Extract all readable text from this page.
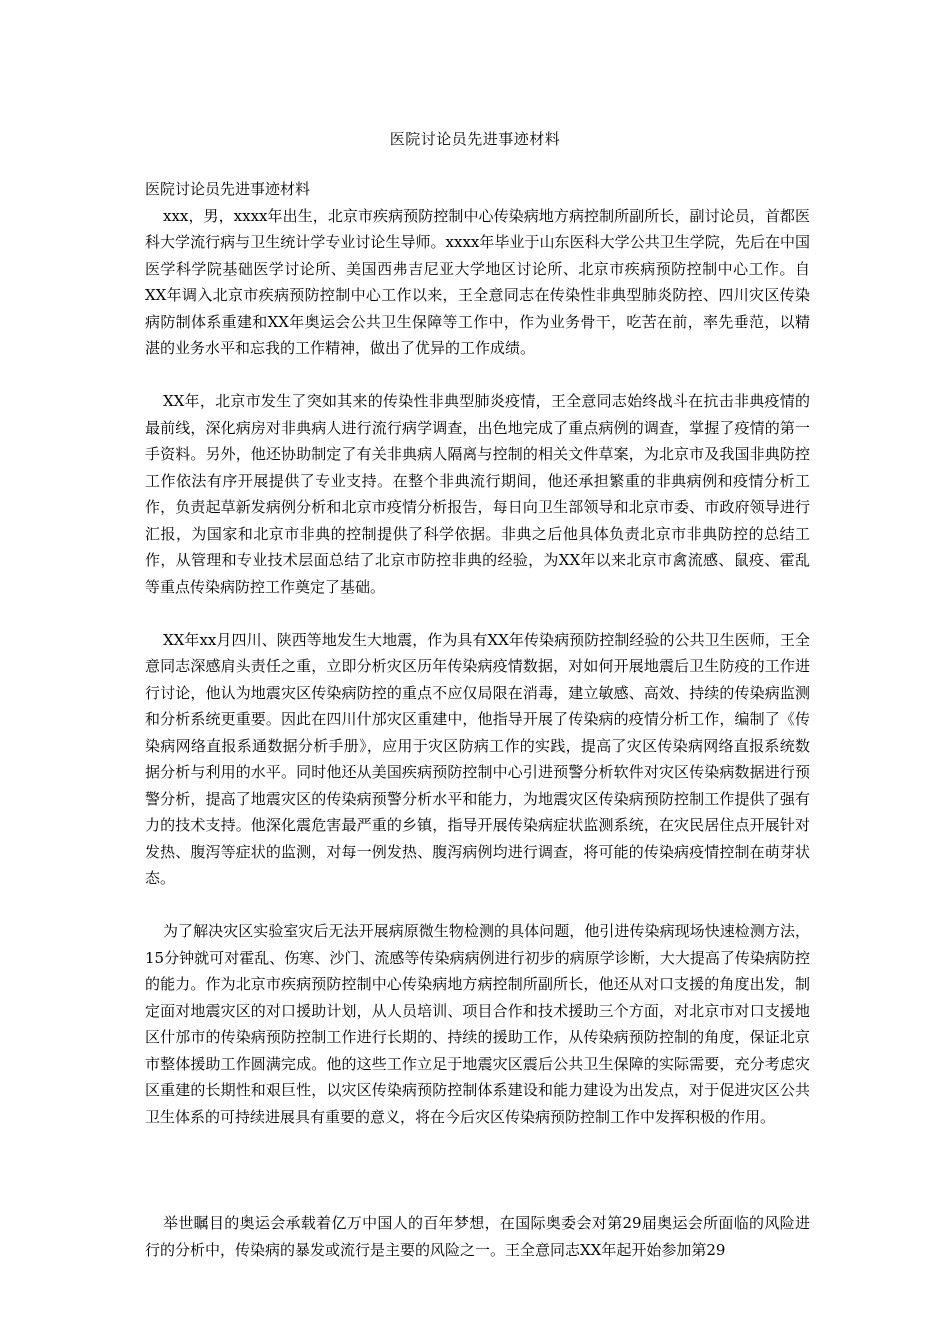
医院讨论员先进事迹材料

医院讨论员先进事迹材料

xxx，男，xxxx年出生，北京市疾病预防控制中心传染病地方病控制所副所长，副讨论员，首都医科大学流行病与卫生统计学专业讨论生导师。xxxx年毕业于山东医科大学公共卫生学院，先后在中国医学科学院基础医学讨论所、美国西弗吉尼亚大学地区讨论所、北京市疾病预防控制中心工作。自XX年调入北京市疾病预防控制中心工作以来，王全意同志在传染性非典型肺炎防控、四川灾区传染病防制体系重建和XX年奥运会公共卫生保障等工作中，作为业务骨干，吃苦在前，率先垂范，以精湛的业务水平和忘我的工作精神，做出了优异的工作成绩。

XX年，北京市发生了突如其来的传染性非典型肺炎疫情，王全意同志始终战斗在抗击非典疫情的最前线，深化病房对非典病人进行流行病学调查，出色地完成了重点病例的调查，掌握了疫情的第一手资料。另外，他还协助制定了有关非典病人隔离与控制的相关文件草案，为北京市及我国非典防控工作依法有序开展提供了专业支持。在整个非典流行期间，他还承担繁重的非典病例和疫情分析工作，负责起草新发病例分析和北京市疫情分析报告，每日向卫生部领导和北京市委、市政府领导进行汇报，为国家和北京市非典的控制提供了科学依据。非典之后他具体负责北京市非典防控的总结工作，从管理和专业技术层面总结了北京市防控非典的经验，为XX年以来北京市禽流感、鼠疫、霍乱等重点传染病防控工作奠定了基础。

XX年xx月四川、陕西等地发生大地震，作为具有XX年传染病预防控制经验的公共卫生医师，王全意同志深感肩头责任之重，立即分析灾区历年传染病疫情数据，对如何开展地震后卫生防疫的工作进行讨论，他认为地震灾区传染病防控的重点不应仅局限在消毒，建立敏感、高效、持续的传染病监测和分析系统更重要。因此在四川什邡灾区重建中，他指导开展了传染病的疫情分析工作，编制了《传染病网络直报系通数据分析手册》，应用于灾区防病工作的实践，提高了灾区传染病网络直报系统数据分析与利用的水平。同时他还从美国疾病预防控制中心引进预警分析软件对灾区传染病数据进行预警分析，提高了地震灾区的传染病预警分析水平和能力，为地震灾区传染病预防控制工作提供了强有力的技术支持。他深化震危害最严重的乡镇，指导开展传染病症状监测系统，在灾民居住点开展针对发热、腹泻等症状的监测，对每一例发热、腹泻病例均进行调查，将可能的传染病疫情控制在萌芽状态。

为了解决灾区实验室灾后无法开展病原微生物检测的具体问题，他引进传染病现场快速检测方法， 15分钟就可对霍乱、伤寒、沙门、流感等传染病病例进行初步的病原学诊断，大大提高了传染病防控的能力。作为北京市疾病预防控制中心传染病地方病控制所副所长，他还从对口支援的角度出发，制定面对地震灾区的对口援助计划，从人员培训、项目合作和技术援助三个方面，对北京市对口支援地区什邡市的传染病预防控制工作进行长期的、持续的援助工作，从传染病预防控制的角度，保证北京市整体援助工作圆满完成。他的这些工作立足于地震灾区震后公共卫生保障的实际需要，充分考虑灾区重建的长期性和艰巨性，以灾区传染病预防控制体系建设和能力建设为出发点，对于促进灾区公共卫生体系的可持续进展具有重要的意义，将在今后灾区传染病预防控制工作中发挥积极的作用。

举世瞩目的奥运会承载着亿万中国人的百年梦想，在国际奥委会对第29届奥运会所面临的风险进行的分析中，传染病的暴发或流行是主要的风险之一。王全意同志XX年起开始参加第29
